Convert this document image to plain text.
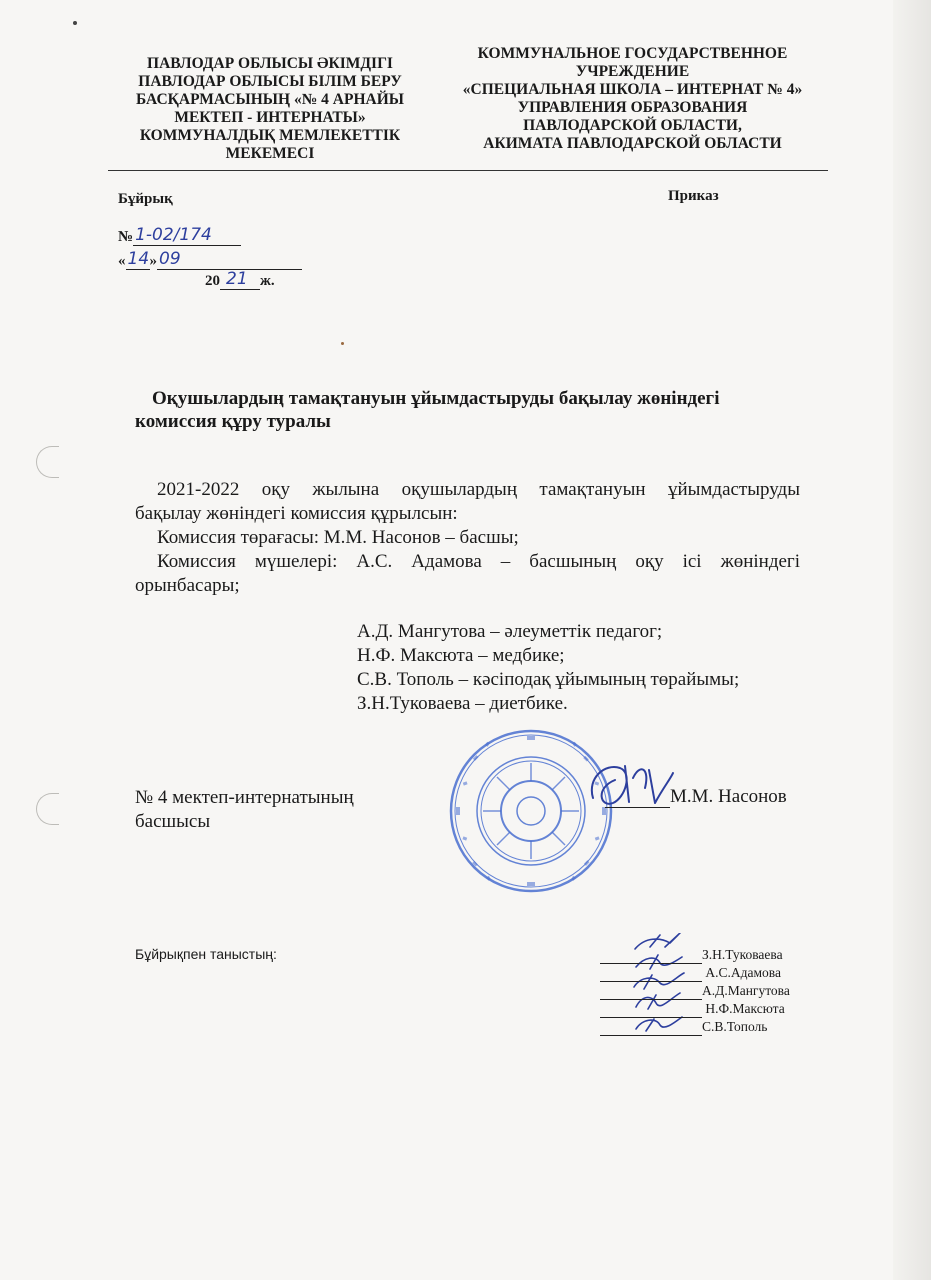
ПАВЛОДАР ОБЛЫСЫ ӘКІМДІГІ
ПАВЛОДАР ОБЛЫСЫ БІЛІМ БЕРУ
БАСҚАРМАСЫНЫҢ «№ 4 АРНАЙЫ
МЕКТЕП - ИНТЕРНАТЫ»
КОММУНАЛДЫҚ МЕМЛЕКЕТТІК
МЕКЕМЕСІ
КОММУНАЛЬНОЕ ГОСУДАРСТВЕННОЕ
УЧРЕЖДЕНИЕ
«СПЕЦИАЛЬНАЯ ШКОЛА – ИНТЕРНАТ № 4»
УПРАВЛЕНИЯ ОБРАЗОВАНИЯ
ПАВЛОДАРСКОЙ ОБЛАСТИ,
АКИМАТА ПАВЛОДАРСКОЙ ОБЛАСТИ
Бұйрық	Приказ
№ 1-02/174
« 14 » 09
20 21 ж.
Оқушылардың тамақтануын ұйымдастыруды бақылау жөніндегі
комиссия құру туралы

2021-2022 оқу жылына оқушылардың тамақтануын ұйымдастыруды

бақылау жөніндегі комиссия құрылсын:

Комиссия төрағасы: М.М. Насонов – басшы;

Комиссия мүшелері: А.С. Адамова – басшының оқу ісі жөніндегі

орынбасары;

А.Д. Мангутова – әлеуметтік педагог;
Н.Ф. Максюта – медбике;
С.В. Тополь – кәсіподақ ұйымының төрайымы;
З.Н.Туковаева – диетбике.
№ 4 мектеп-интернатының
басшысы
М.М. Насонов
Бұйрықпен таныстың:	З.Н.Туковаева
А.С.Адамова
А.Д.Мангутова
Н.Ф.Максюта
С.В.Тополь
